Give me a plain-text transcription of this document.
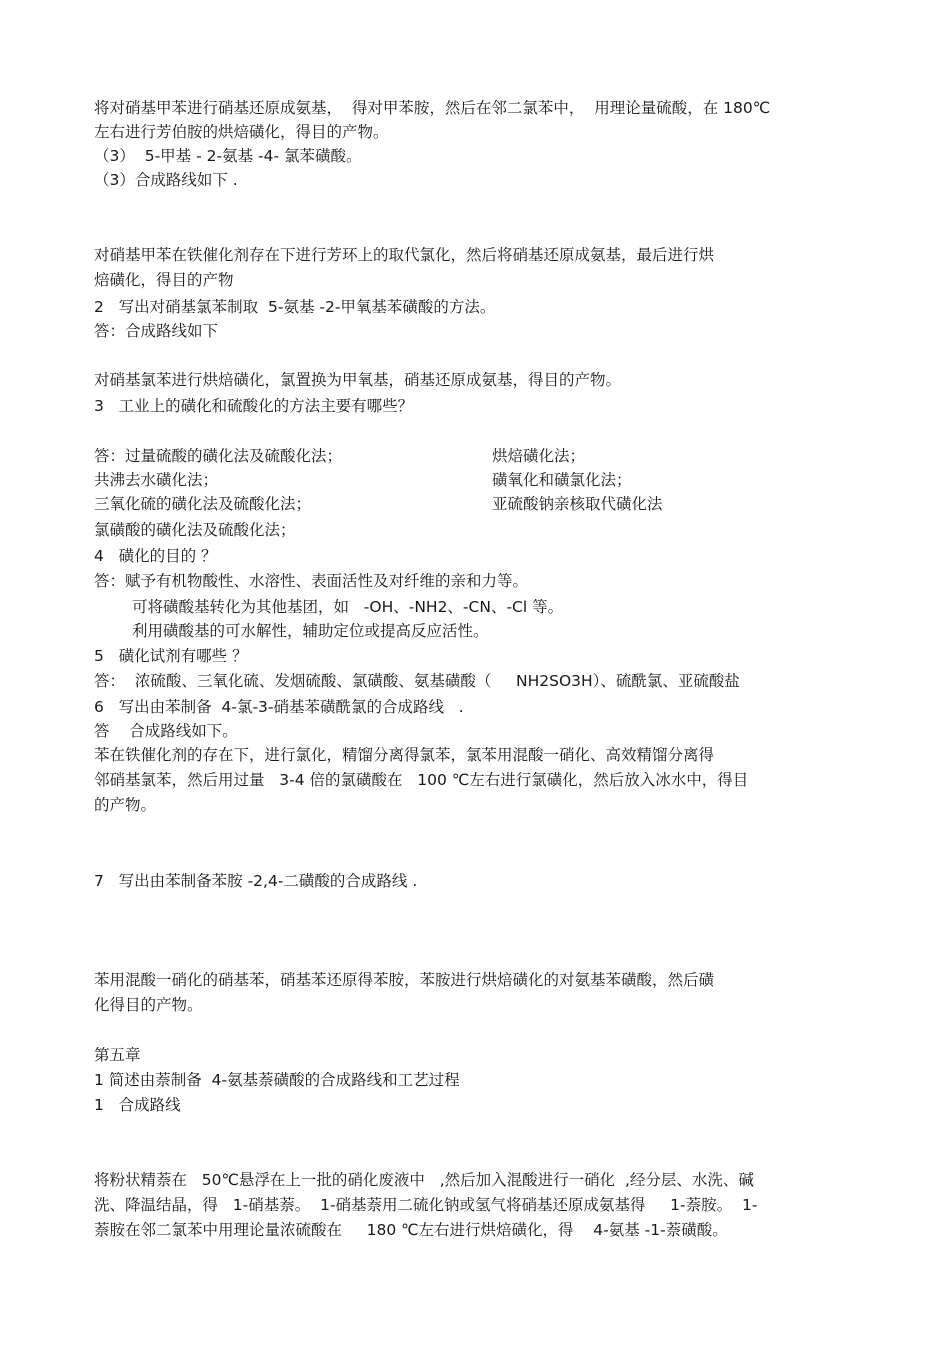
将对硝基甲苯进行硝基还原成氨基，  得对甲苯胺，然后在邻二氯苯中，  用理论量硫酸，在 180℃
左右进行芳伯胺的烘焙磺化，得目的产物。
（3）  5-甲基 - 2-氨基 -4- 氯苯磺酸。
（3）合成路线如下 .
对硝基甲苯在铁催化剂存在下进行芳环上的取代氯化，然后将硝基还原成氨基，最后进行烘
焙磺化，得目的产物
2   写出对硝基氯苯制取  5-氨基 -2-甲氧基苯磺酸的方法。
答：合成路线如下
对硝基氯苯进行烘焙磺化，氯置换为甲氧基，硝基还原成氨基，得目的产物。
3   工业上的磺化和硫酸化的方法主要有哪些？
答：过量硫酸的磺化法及硫酸化法；	烘焙磺化法；
共沸去水磺化法；	磺氧化和磺氯化法；
三氧化硫的磺化法及硫酸化法；	亚硫酸钠亲核取代磺化法
氯磺酸的磺化法及硫酸化法；
4   磺化的目的 ？
答：赋予有机物酸性、水溶性、表面活性及对纤维的亲和力等。
可将磺酸基转化为其他基团，如   -OH、-NH2、-CN、-Cl 等。
利用磺酸基的可水解性，辅助定位或提高反应活性。
5   磺化试剂有哪些 ？
答：  浓硫酸、三氧化硫、发烟硫酸、氯磺酸、氨基磺酸（     NH2SO3H）、硫酰氯、亚硫酸盐
6   写出由苯制备  4-氯-3-硝基苯磺酰氯的合成路线   .
答    合成路线如下。
苯在铁催化剂的存在下，进行氯化，精馏分离得氯苯，氯苯用混酸一硝化、高效精馏分离得
邻硝基氯苯，然后用过量   3-4 倍的氯磺酸在   100 ℃左右进行氯磺化，然后放入冰水中，得目
的产物。
7   写出由苯制备苯胺 -2,4-二磺酸的合成路线 .
苯用混酸一硝化的硝基苯，硝基苯还原得苯胺，苯胺进行烘焙磺化的对氨基苯磺酸，然后磺
化得目的产物。
第五章
1 简述由萘制备  4-氨基萘磺酸的合成路线和工艺过程
1   合成路线
将粉状精萘在   50℃悬浮在上一批的硝化废液中   ,然后加入混酸进行一硝化  ,经分层、水洗、碱
洗、降温结晶，得   1-硝基萘。  1-硝基萘用二硫化钠或氢气将硝基还原成氨基得     1-萘胺。  1-
萘胺在邻二氯苯中用理论量浓硫酸在     180 ℃左右进行烘焙磺化，得    4-氨基 -1-萘磺酸。
